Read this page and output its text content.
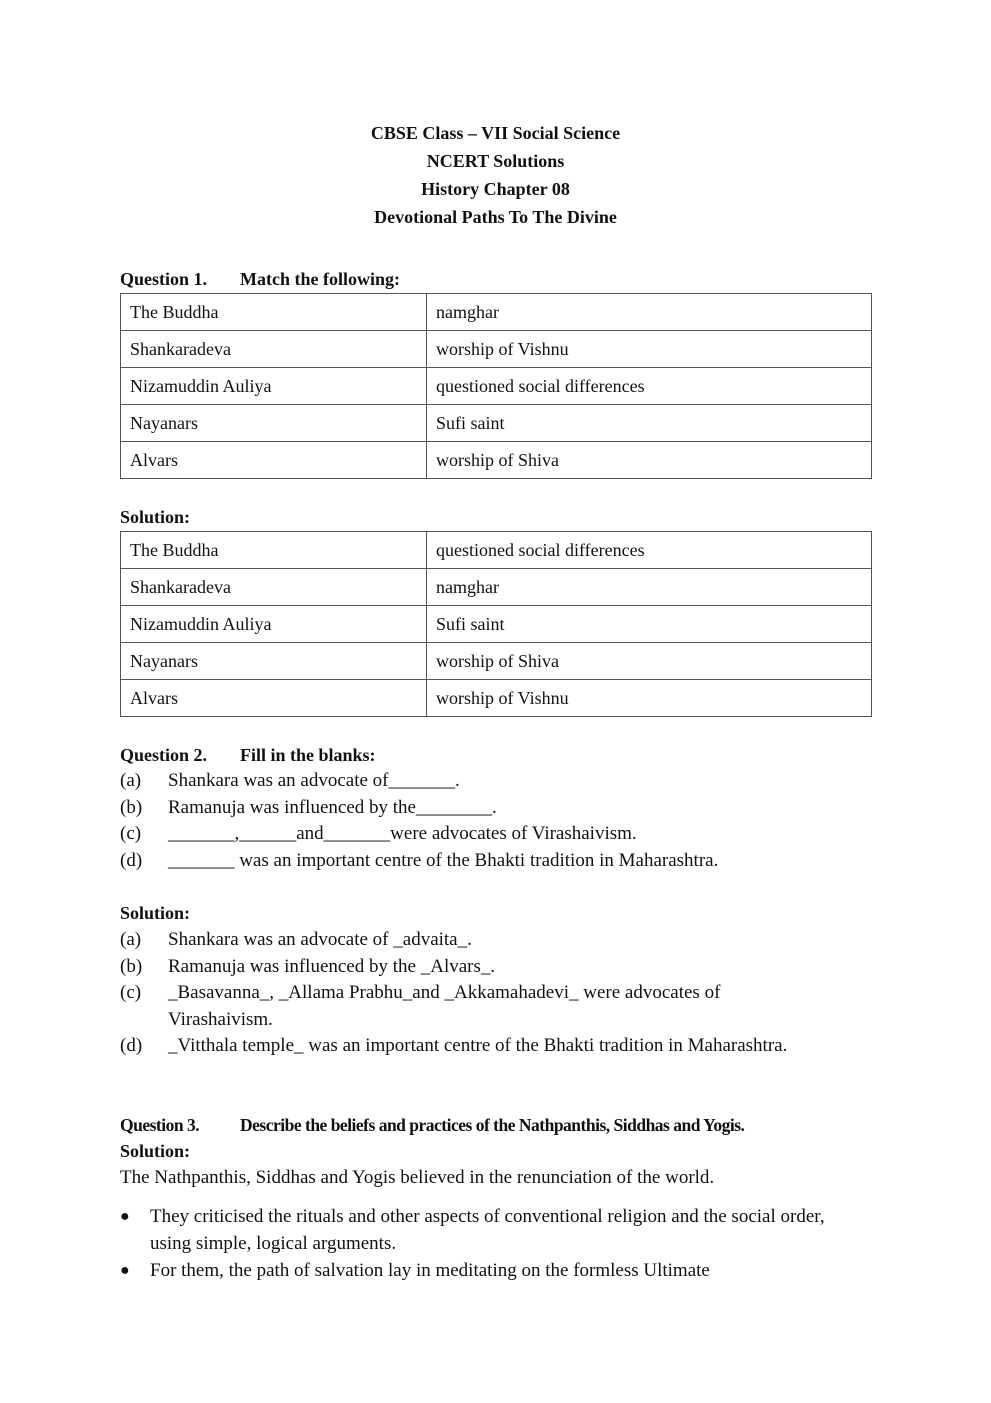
CBSE Class – VII Social Science
NCERT Solutions
History Chapter 08
Devotional Paths To The Divine
Question 1. Match the following:
The Buddha	namghar
Shankaradeva	worship of Vishnu
Nizamuddin Auliya	questioned social differences
Nayanars	Sufi saint
Alvars	worship of Shiva
Solution:
The Buddha	questioned social differences
Shankaradeva	namghar
Nizamuddin Auliya	Sufi saint
Nayanars	worship of Shiva
Alvars	worship of Vishnu
Question 2. Fill in the blanks:
(a)	Shankara was an advocate of_______.
(b)	Ramanuja was influenced by the________.
(c)	_______,______and_______were advocates of Virashaivism.
(d)	_______ was an important centre of the Bhakti tradition in Maharashtra.
Solution:
(a)	Shankara was an advocate of _advaita_.
(b)	Ramanuja was influenced by the _Alvars_.
(c)	_Basavanna_, _Allama Prabhu_and _Akkamahadevi_ were advocates of Virashaivism.
(d)	_Vitthala temple_ was an important centre of the Bhakti tradition in Maharashtra.
Question 3. Describe the beliefs and practices of the Nathpanthis, Siddhas and Yogis.
Solution:
The Nathpanthis, Siddhas and Yogis believed in the renunciation of the world.
●	They criticised the rituals and other aspects of conventional religion and the social order, using simple, logical arguments.
●	For them, the path of salvation lay in meditating on the formless Ultimate
